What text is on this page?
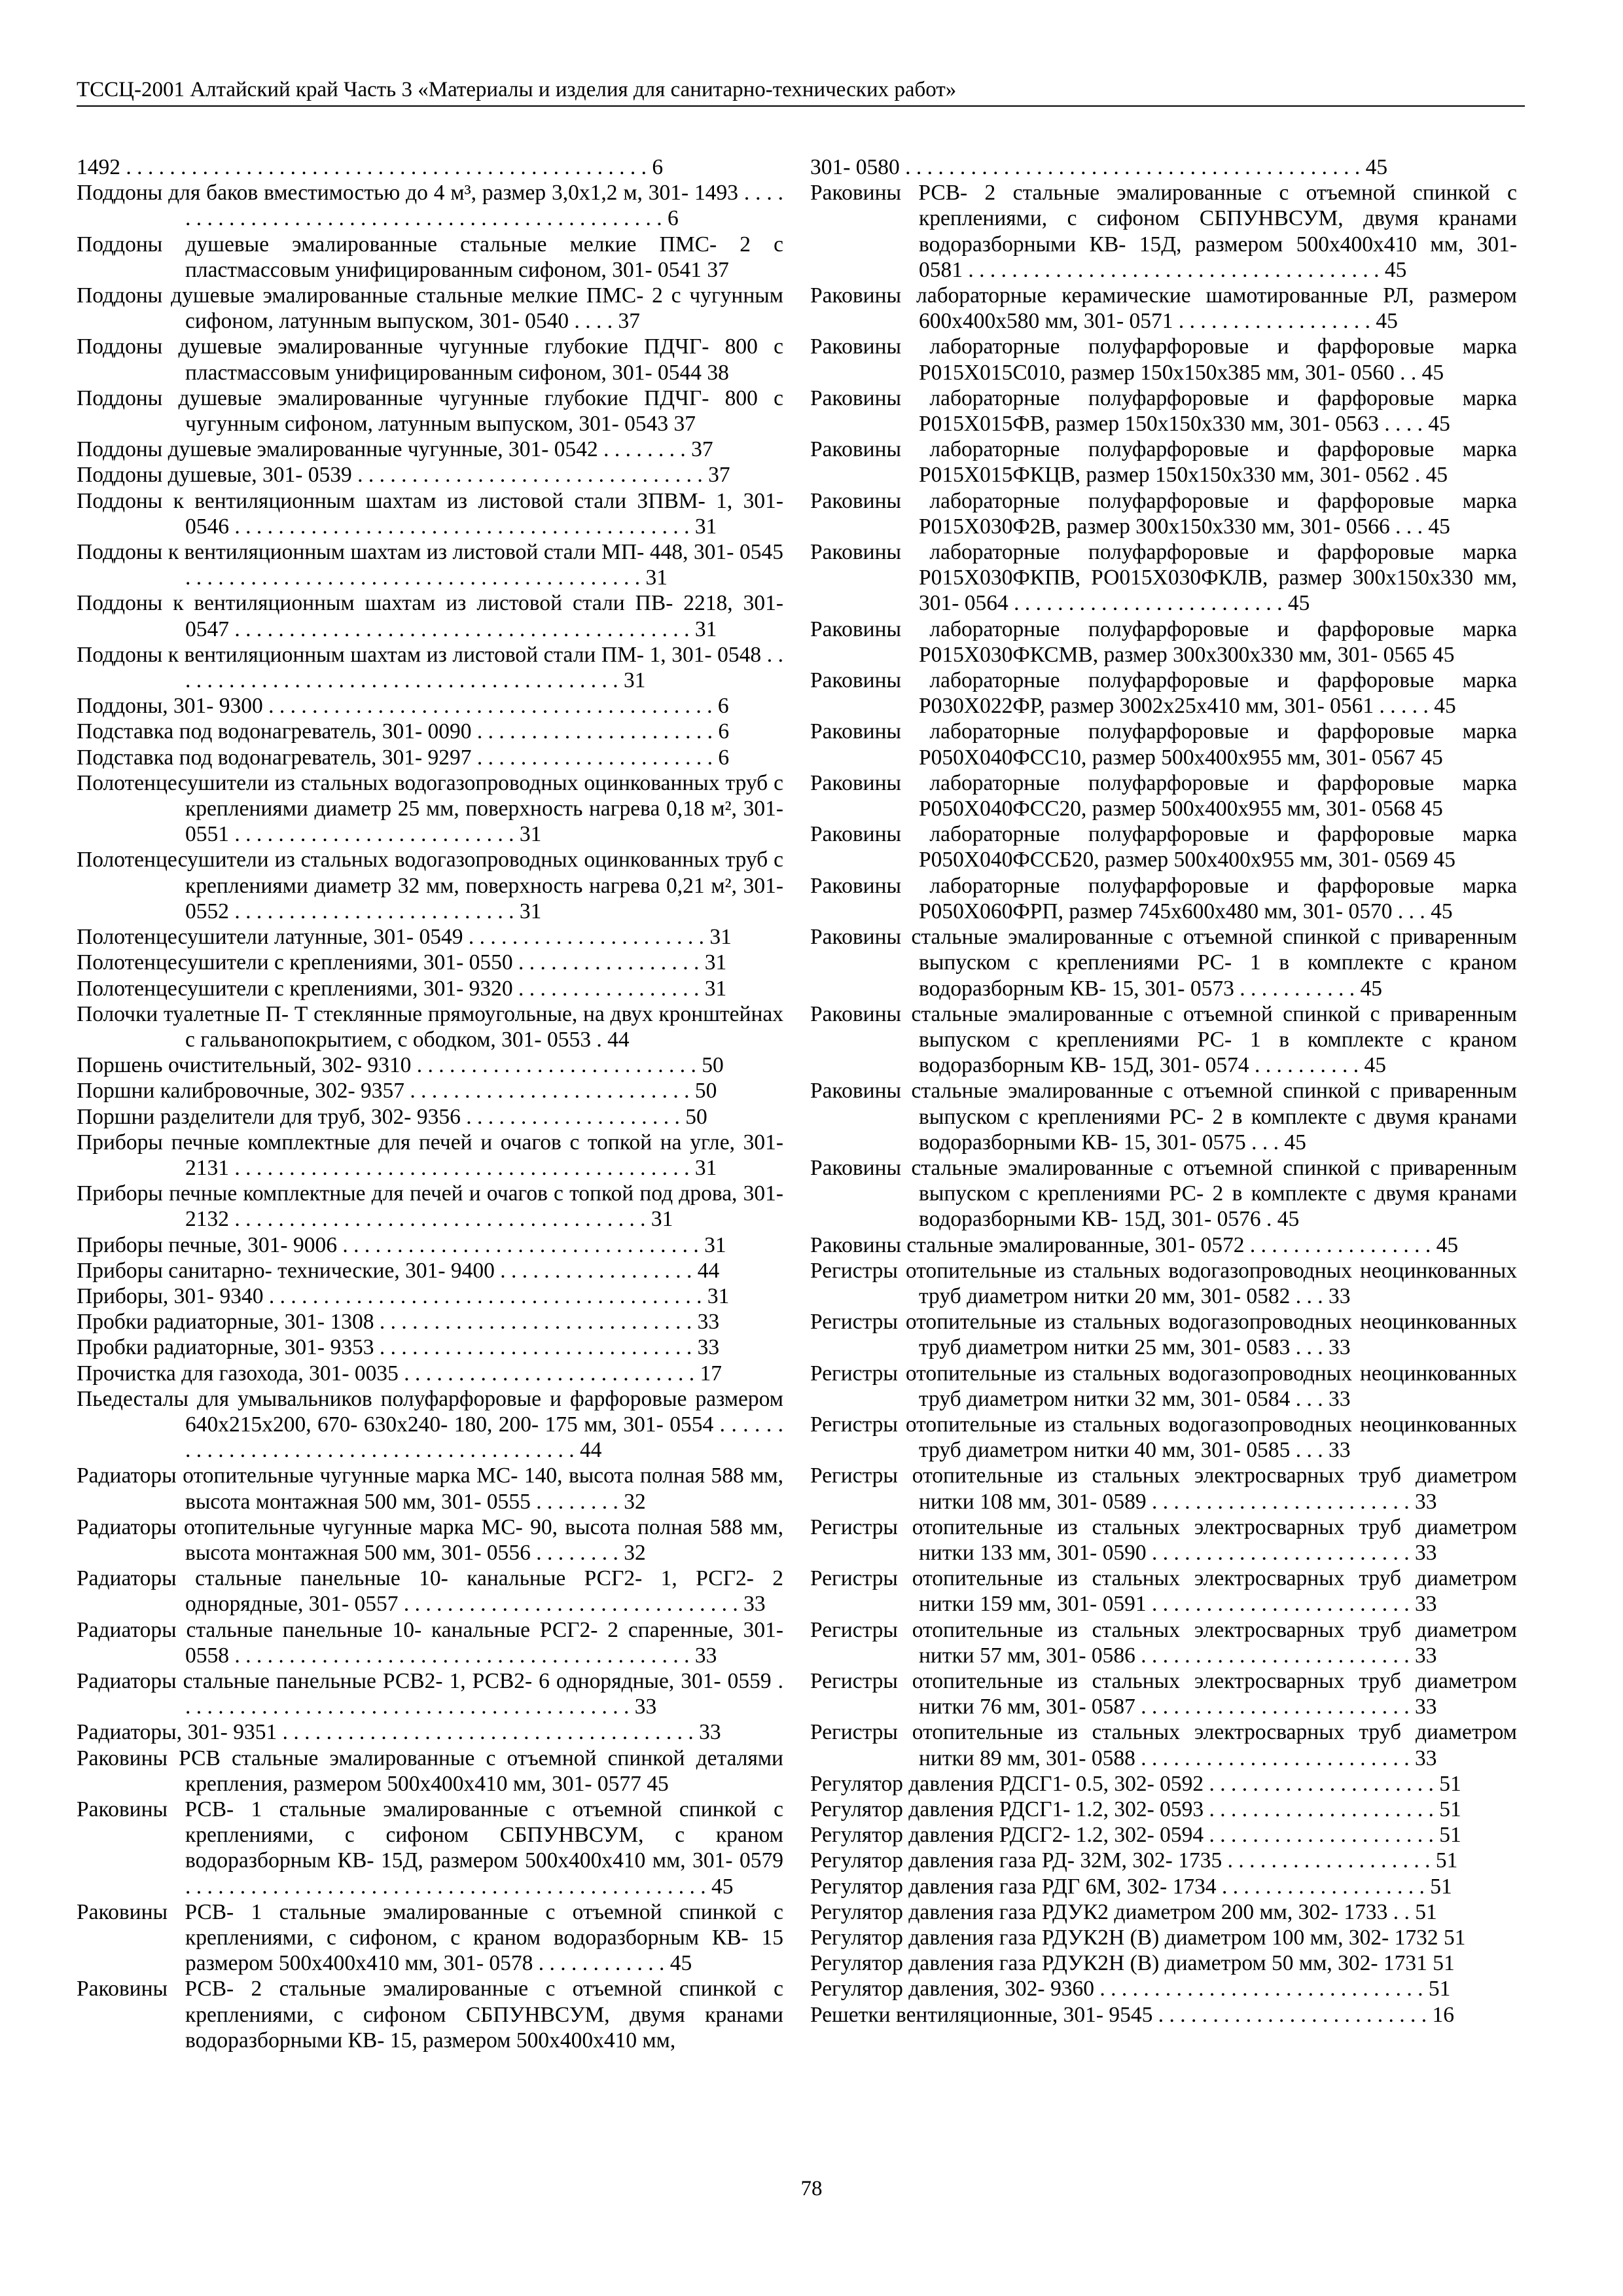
ТССЦ-2001 Алтайский край Часть 3 «Материалы и изделия для санитарно-технических работ»

1492 . . . . . . . . . . . . . . . . . . . . . . . . . . . . . . . . . . . . . . . . . . . . . . . . 6

Поддоны для баков вместимостью до 4 м³, размер 3,0х1,2 м, 301- 1493 . . . . . . . . . . . . . . . . . . . . . . . . . . . . . . . . . . . . . . . . . . . . . . . . 6

Поддоны душевые эмалированные стальные мелкие ПМС- 2 с пластмассовым унифицированным сифоном, 301- 0541 37

Поддоны душевые эмалированные стальные мелкие ПМС- 2 с чугунным сифоном, латунным выпуском, 301- 0540 . . . . 37

Поддоны душевые эмалированные чугунные глубокие ПДЧГ- 800 с пластмассовым унифицированным сифоном, 301- 0544 38

Поддоны душевые эмалированные чугунные глубокие ПДЧГ- 800 с чугунным сифоном, латунным выпуском, 301- 0543 37

Поддоны душевые эмалированные чугунные, 301- 0542 . . . . . . . . 37

Поддоны душевые, 301- 0539 . . . . . . . . . . . . . . . . . . . . . . . . . . . . . . . . 37

Поддоны к вентиляционным шахтам из листовой стали ЗПВМ- 1, 301- 0546 . . . . . . . . . . . . . . . . . . . . . . . . . . . . . . . . . . . . . . . . . . 31

Поддоны к вентиляционным шахтам из листовой стали МП- 448, 301- 0545 . . . . . . . . . . . . . . . . . . . . . . . . . . . . . . . . . . . . . . . . . . 31

Поддоны к вентиляционным шахтам из листовой стали ПВ- 2218, 301- 0547 . . . . . . . . . . . . . . . . . . . . . . . . . . . . . . . . . . . . . . . . . . 31

Поддоны к вентиляционным шахтам из листовой стали ПМ- 1, 301- 0548 . . . . . . . . . . . . . . . . . . . . . . . . . . . . . . . . . . . . . . . . . . 31

Поддоны, 301- 9300 . . . . . . . . . . . . . . . . . . . . . . . . . . . . . . . . . . . . . . . . . 6

Подставка под водонагреватель, 301- 0090 . . . . . . . . . . . . . . . . . . . . . . 6

Подставка под водонагреватель, 301- 9297 . . . . . . . . . . . . . . . . . . . . . . 6

Полотенцесушители из стальных водогазопроводных оцинкованных труб с креплениями диаметр 25 мм, поверхность нагрева 0,18 м², 301- 0551 . . . . . . . . . . . . . . . . . . . . . . . . . . 31

Полотенцесушители из стальных водогазопроводных оцинкованных труб с креплениями диаметр 32 мм, поверхность нагрева 0,21 м², 301- 0552 . . . . . . . . . . . . . . . . . . . . . . . . . . 31

Полотенцесушители латунные, 301- 0549 . . . . . . . . . . . . . . . . . . . . . . 31

Полотенцесушители с креплениями, 301- 0550 . . . . . . . . . . . . . . . . . 31

Полотенцесушители с креплениями, 301- 9320 . . . . . . . . . . . . . . . . . 31

Полочки туалетные П- Т стеклянные прямоугольные, на двух кронштейнах с гальванопокрытием, с ободком, 301- 0553 . 44

Поршень очистительный, 302- 9310 . . . . . . . . . . . . . . . . . . . . . . . . . . 50

Поршни калибровочные, 302- 9357 . . . . . . . . . . . . . . . . . . . . . . . . . . 50

Поршни разделители для труб, 302- 9356 . . . . . . . . . . . . . . . . . . . . 50

Приборы печные комплектные для печей и очагов с топкой на угле, 301- 2131 . . . . . . . . . . . . . . . . . . . . . . . . . . . . . . . . . . . . . . . . . . 31

Приборы печные комплектные для печей и очагов с топкой под дрова, 301- 2132 . . . . . . . . . . . . . . . . . . . . . . . . . . . . . . . . . . . . . . 31

Приборы печные, 301- 9006 . . . . . . . . . . . . . . . . . . . . . . . . . . . . . . . . . 31

Приборы санитарно- технические, 301- 9400 . . . . . . . . . . . . . . . . . . 44

Приборы, 301- 9340 . . . . . . . . . . . . . . . . . . . . . . . . . . . . . . . . . . . . . . . . 31

Пробки радиаторные, 301- 1308 . . . . . . . . . . . . . . . . . . . . . . . . . . . . . 33

Пробки радиаторные, 301- 9353 . . . . . . . . . . . . . . . . . . . . . . . . . . . . . 33

Прочистка для газохода, 301- 0035 . . . . . . . . . . . . . . . . . . . . . . . . . . . 17

Пьедесталы для умывальников полуфарфоровые и фарфоровые размером 640х215х200, 670- 630х240- 180, 200- 175 мм, 301- 0554 . . . . . . . . . . . . . . . . . . . . . . . . . . . . . . . . . . . . . . . . . . 44

Радиаторы отопительные чугунные марка МС- 140, высота полная 588 мм, высота монтажная 500 мм, 301- 0555 . . . . . . . . 32

Радиаторы отопительные чугунные марка МС- 90, высота полная 588 мм, высота монтажная 500 мм, 301- 0556 . . . . . . . . 32

Радиаторы стальные панельные 10- канальные РСГ2- 1, РСГ2- 2 однорядные, 301- 0557 . . . . . . . . . . . . . . . . . . . . . . . . . . . . . . . 33

Радиаторы стальные панельные 10- канальные РСГ2- 2 спаренные, 301- 0558 . . . . . . . . . . . . . . . . . . . . . . . . . . . . . . . . . . . . . . . . . . 33

Радиаторы стальные панельные РСВ2- 1, РСВ2- 6 однорядные, 301- 0559 . . . . . . . . . . . . . . . . . . . . . . . . . . . . . . . . . . . . . . . . . . 33

Радиаторы, 301- 9351 . . . . . . . . . . . . . . . . . . . . . . . . . . . . . . . . . . . . . . 33

Раковины РСВ стальные эмалированные с отъемной спинкой деталями крепления, размером 500х400х410 мм, 301- 0577 45

Раковины РСВ- 1 стальные эмалированные с отъемной спинкой с креплениями, с сифоном СБПУНВСУМ, с краном водоразборным КВ- 15Д, размером 500х400х410 мм, 301- 0579 . . . . . . . . . . . . . . . . . . . . . . . . . . . . . . . . . . . . . . . . . . . . . . . . 45

Раковины РСВ- 1 стальные эмалированные с отъемной спинкой с креплениями, с сифоном, с краном водоразборным КВ- 15 размером 500х400х410 мм, 301- 0578 . . . . . . . . . . . . 45

Раковины РСВ- 2 стальные эмалированные с отъемной спинкой с креплениями, с сифоном СБПУНВСУМ, двумя кранами водоразборными КВ- 15, размером 500х400х410 мм,

301- 0580 . . . . . . . . . . . . . . . . . . . . . . . . . . . . . . . . . . . . . . . . . . 45

Раковины РСВ- 2 стальные эмалированные с отъемной спинкой с креплениями, с сифоном СБПУНВСУМ, двумя кранами водоразборными КВ- 15Д, размером 500х400х410 мм, 301- 0581 . . . . . . . . . . . . . . . . . . . . . . . . . . . . . . . . . . . . . . 45

Раковины лабораторные керамические шамотированные РЛ, размером 600х400х580 мм, 301- 0571 . . . . . . . . . . . . . . . . . . 45

Раковины лабораторные полуфарфоровые и фарфоровые марка Р015Х015С010, размер 150х150х385 мм, 301- 0560 . . 45

Раковины лабораторные полуфарфоровые и фарфоровые марка Р015Х015ФВ, размер 150х150х330 мм, 301- 0563 . . . . 45

Раковины лабораторные полуфарфоровые и фарфоровые марка Р015Х015ФКЦВ, размер 150х150х330 мм, 301- 0562 . 45

Раковины лабораторные полуфарфоровые и фарфоровые марка Р015Х030Ф2В, размер 300х150х330 мм, 301- 0566 . . . 45

Раковины лабораторные полуфарфоровые и фарфоровые марка Р015Х030ФКПВ, РО015Х030ФКЛВ, размер 300х150х330 мм, 301- 0564 . . . . . . . . . . . . . . . . . . . . . . . . . 45

Раковины лабораторные полуфарфоровые и фарфоровые марка Р015Х030ФКСМВ, размер 300х300х330 мм, 301- 0565 45

Раковины лабораторные полуфарфоровые и фарфоровые марка Р030Х022ФР, размер 3002х25х410 мм, 301- 0561 . . . . . 45

Раковины лабораторные полуфарфоровые и фарфоровые марка Р050Х040ФСС10, размер 500х400х955 мм, 301- 0567 45

Раковины лабораторные полуфарфоровые и фарфоровые марка Р050Х040ФСС20, размер 500х400х955 мм, 301- 0568 45

Раковины лабораторные полуфарфоровые и фарфоровые марка Р050Х040ФССБ20, размер 500х400х955 мм, 301- 0569 45

Раковины лабораторные полуфарфоровые и фарфоровые марка Р050Х060ФРП, размер 745х600х480 мм, 301- 0570 . . . 45

Раковины стальные эмалированные с отъемной спинкой с приваренным выпуском с креплениями РС- 1 в комплекте с краном водоразборным КВ- 15, 301- 0573 . . . . . . . . . . . 45

Раковины стальные эмалированные с отъемной спинкой с приваренным выпуском с креплениями РС- 1 в комплекте с краном водоразборным КВ- 15Д, 301- 0574 . . . . . . . . . . 45

Раковины стальные эмалированные с отъемной спинкой с приваренным выпуском с креплениями РС- 2 в комплекте с двумя кранами водоразборными КВ- 15, 301- 0575 . . . 45

Раковины стальные эмалированные с отъемной спинкой с приваренным выпуском с креплениями РС- 2 в комплекте с двумя кранами водоразборными КВ- 15Д, 301- 0576 . 45

Раковины стальные эмалированные, 301- 0572 . . . . . . . . . . . . . . . . . 45

Регистры отопительные из стальных водогазопроводных неоцинкованных труб диаметром нитки 20 мм, 301- 0582 . . . 33

Регистры отопительные из стальных водогазопроводных неоцинкованных труб диаметром нитки 25 мм, 301- 0583 . . . 33

Регистры отопительные из стальных водогазопроводных неоцинкованных труб диаметром нитки 32 мм, 301- 0584 . . . 33

Регистры отопительные из стальных водогазопроводных неоцинкованных труб диаметром нитки 40 мм, 301- 0585 . . . 33

Регистры отопительные из стальных электросварных труб диаметром нитки 108 мм, 301- 0589 . . . . . . . . . . . . . . . . . . . . . . . . 33

Регистры отопительные из стальных электросварных труб диаметром нитки 133 мм, 301- 0590 . . . . . . . . . . . . . . . . . . . . . . . . 33

Регистры отопительные из стальных электросварных труб диаметром нитки 159 мм, 301- 0591 . . . . . . . . . . . . . . . . . . . . . . . . 33

Регистры отопительные из стальных электросварных труб диаметром нитки 57 мм, 301- 0586 . . . . . . . . . . . . . . . . . . . . . . . . . 33

Регистры отопительные из стальных электросварных труб диаметром нитки 76 мм, 301- 0587 . . . . . . . . . . . . . . . . . . . . . . . . . 33

Регистры отопительные из стальных электросварных труб диаметром нитки 89 мм, 301- 0588 . . . . . . . . . . . . . . . . . . . . . . . . . 33

Регулятор давления РДСГ1- 0.5, 302- 0592 . . . . . . . . . . . . . . . . . . . . . 51

Регулятор давления РДСГ1- 1.2, 302- 0593 . . . . . . . . . . . . . . . . . . . . . 51

Регулятор давления РДСГ2- 1.2, 302- 0594 . . . . . . . . . . . . . . . . . . . . . 51

Регулятор давления газа РД- 32М, 302- 1735 . . . . . . . . . . . . . . . . . . . 51

Регулятор давления газа РДГ 6М, 302- 1734 . . . . . . . . . . . . . . . . . . . 51

Регулятор давления газа РДУК2 диаметром 200 мм, 302- 1733 . . 51

Регулятор давления газа РДУК2Н (В) диаметром 100 мм, 302- 1732 51

Регулятор давления газа РДУК2Н (В) диаметром 50 мм, 302- 1731 51

Регулятор давления, 302- 9360 . . . . . . . . . . . . . . . . . . . . . . . . . . . . . . 51

Решетки вентиляционные, 301- 9545 . . . . . . . . . . . . . . . . . . . . . . . . . 16

78
